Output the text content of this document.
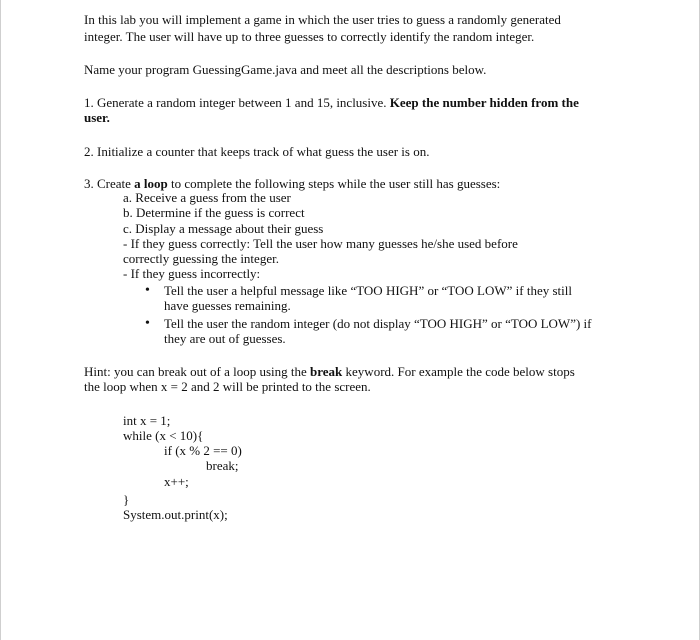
In this lab you will implement a game in which the user tries to guess a randomly generated
integer. The user will have up to three guesses to correctly identify the random integer.
Name your program GuessingGame.java and meet all the descriptions below.
1. Generate a random integer between 1 and 15, inclusive. Keep the number hidden from the
user.
2. Initialize a counter that keeps track of what guess the user is on.
3. Create a loop to complete the following steps while the user still has guesses:
a. Receive a guess from the user
b. Determine if the guess is correct
c. Display a message about their guess
- If they guess correctly: Tell the user how many guesses he/she used before
correctly guessing the integer.
- If they guess incorrectly:
• Tell the user a helpful message like “TOO HIGH” or “TOO LOW” if they still
have guesses remaining.
• Tell the user the random integer (do not display “TOO HIGH” or “TOO LOW”) if
they are out of guesses.
Hint: you can break out of a loop using the break keyword. For example the code below stops
the loop when x = 2 and 2 will be printed to the screen.
int x = 1;
while (x < 10){
if (x % 2 == 0)
break;
x++;
}
System.out.print(x);
